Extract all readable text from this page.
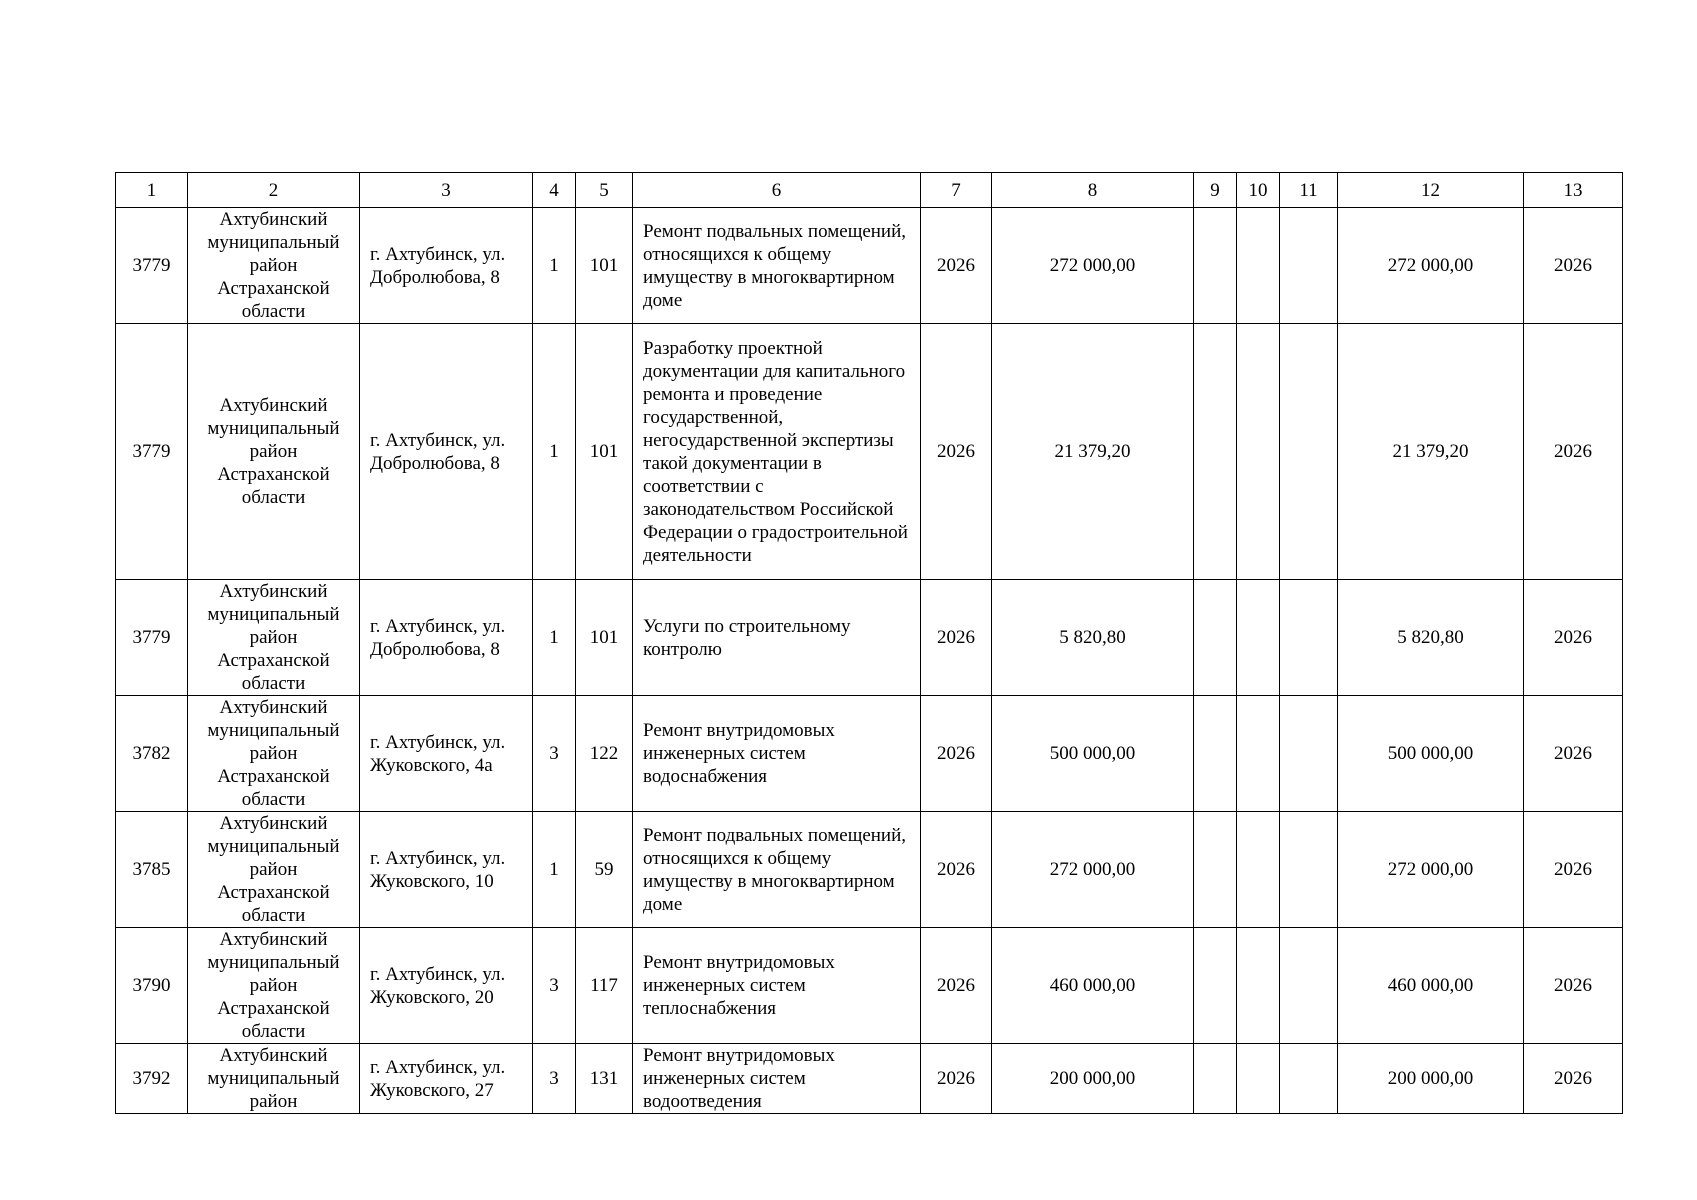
1	2	3	4	5	6	7	8	9	10	11	12	13
3779	Ахтубинский муниципальный район Астраханской области	г. Ахтубинск, ул. Добролюбова, 8	1	101	Ремонт подвальных помещений, относящихся к общему имуществу в многоквартирном доме	2026	272 000,00				272 000,00	2026
3779	Ахтубинский муниципальный район Астраханской области	г. Ахтубинск, ул. Добролюбова, 8	1	101	Разработку проектной документации для капитального ремонта и проведение государственной, негосударственной экспертизы такой документации в соответствии с законодательством Российской Федерации о градостроительной деятельности	2026	21 379,20				21 379,20	2026
3779	Ахтубинский муниципальный район Астраханской области	г. Ахтубинск, ул. Добролюбова, 8	1	101	Услуги по строительному контролю	2026	5 820,80				5 820,80	2026
3782	Ахтубинский муниципальный район Астраханской области	г. Ахтубинск, ул. Жуковского, 4а	3	122	Ремонт внутридомовых инженерных систем водоснабжения	2026	500 000,00				500 000,00	2026
3785	Ахтубинский муниципальный район Астраханской области	г. Ахтубинск, ул. Жуковского, 10	1	59	Ремонт подвальных помещений, относящихся к общему имуществу в многоквартирном доме	2026	272 000,00				272 000,00	2026
3790	Ахтубинский муниципальный район Астраханской области	г. Ахтубинск, ул. Жуковского, 20	3	117	Ремонт внутридомовых инженерных систем теплоснабжения	2026	460 000,00				460 000,00	2026
3792	Ахтубинский муниципальный район	г. Ахтубинск, ул. Жуковского, 27	3	131	Ремонт внутридомовых инженерных систем водоотведения	2026	200 000,00				200 000,00	2026
